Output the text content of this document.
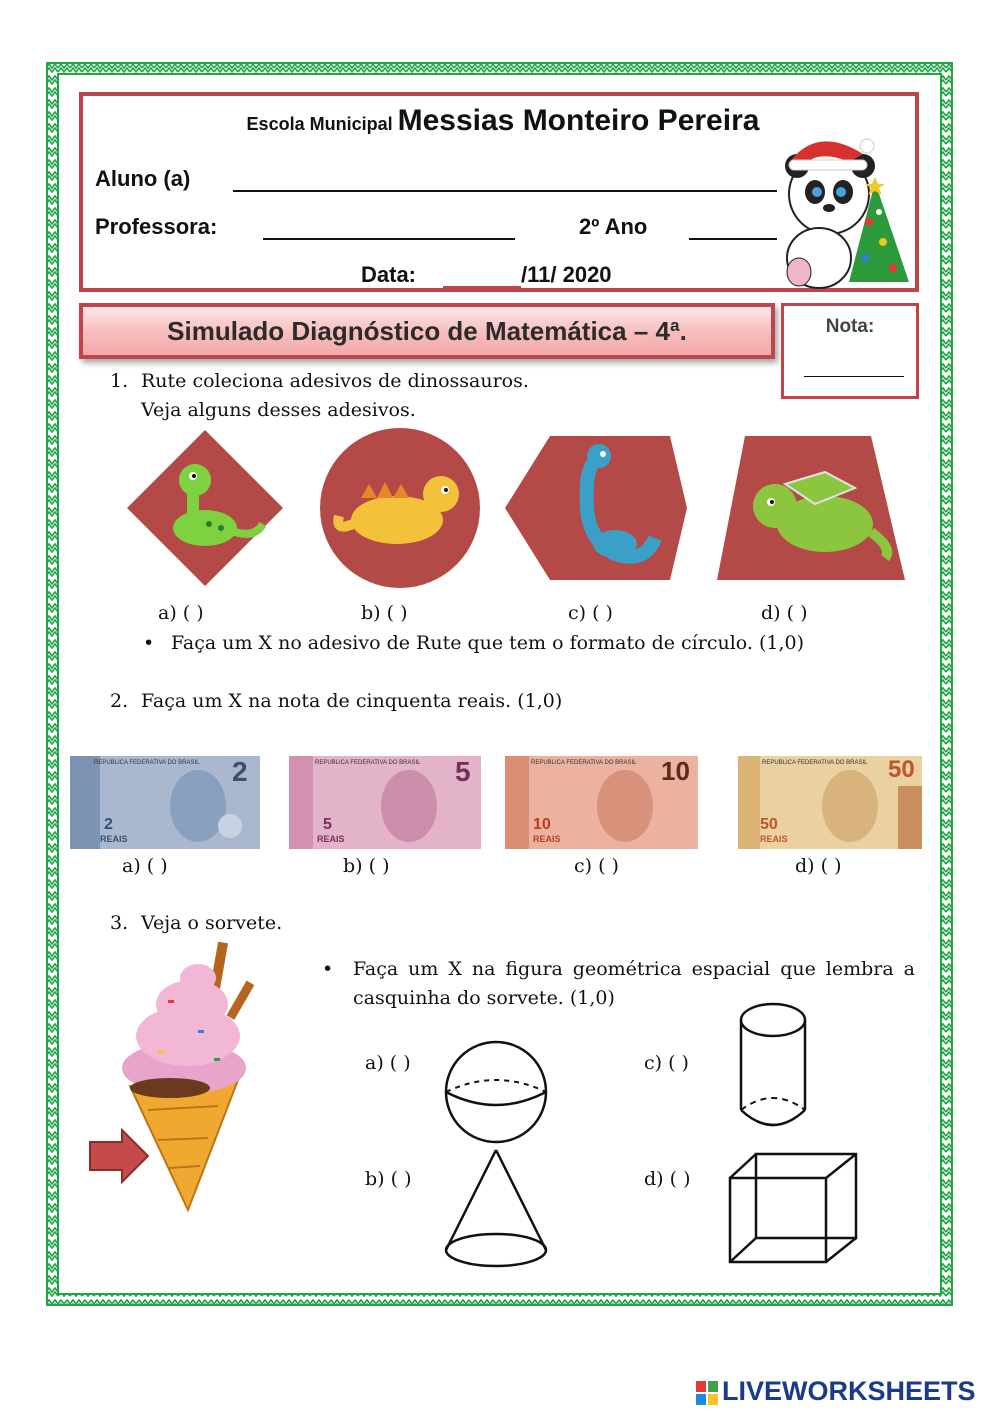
Escola Municipal Messias Monteiro Pereira
Aluno (a)
Professora:	2º Ano
Data:	/11/ 2020
Simulado Diagnóstico de Matemática – 4ª.	Nota:
1. Rute coleciona adesivos de dinossauros.
Veja alguns desses adesivos.
a) ( )	b) ( )	c) ( )	d) ( )
• Faça um X no adesivo de Rute que tem o formato de círculo. (1,0)
2. Faça um X na nota de cinquenta reais. (1,0)
REPUBLICA FEDERATIVA DO BRASIL 2
2
REAIS
REPUBLICA FEDERATIVA DO BRASIL 5
5
REAIS
REPUBLICA FEDERATIVA DO BRASIL 10
10
REAIS
REPUBLICA FEDERATIVA DO BRASIL 50
50
REAIS
a) ( )	b) ( )	c) ( )	d) ( )
3. Veja o sorvete.
• Faça um X na figura geométrica espacial que lembra a
casquinha do sorvete. (1,0)
a) ( )
b) ( )
c) ( )
d) ( )
LIVEWORKSHEETS
